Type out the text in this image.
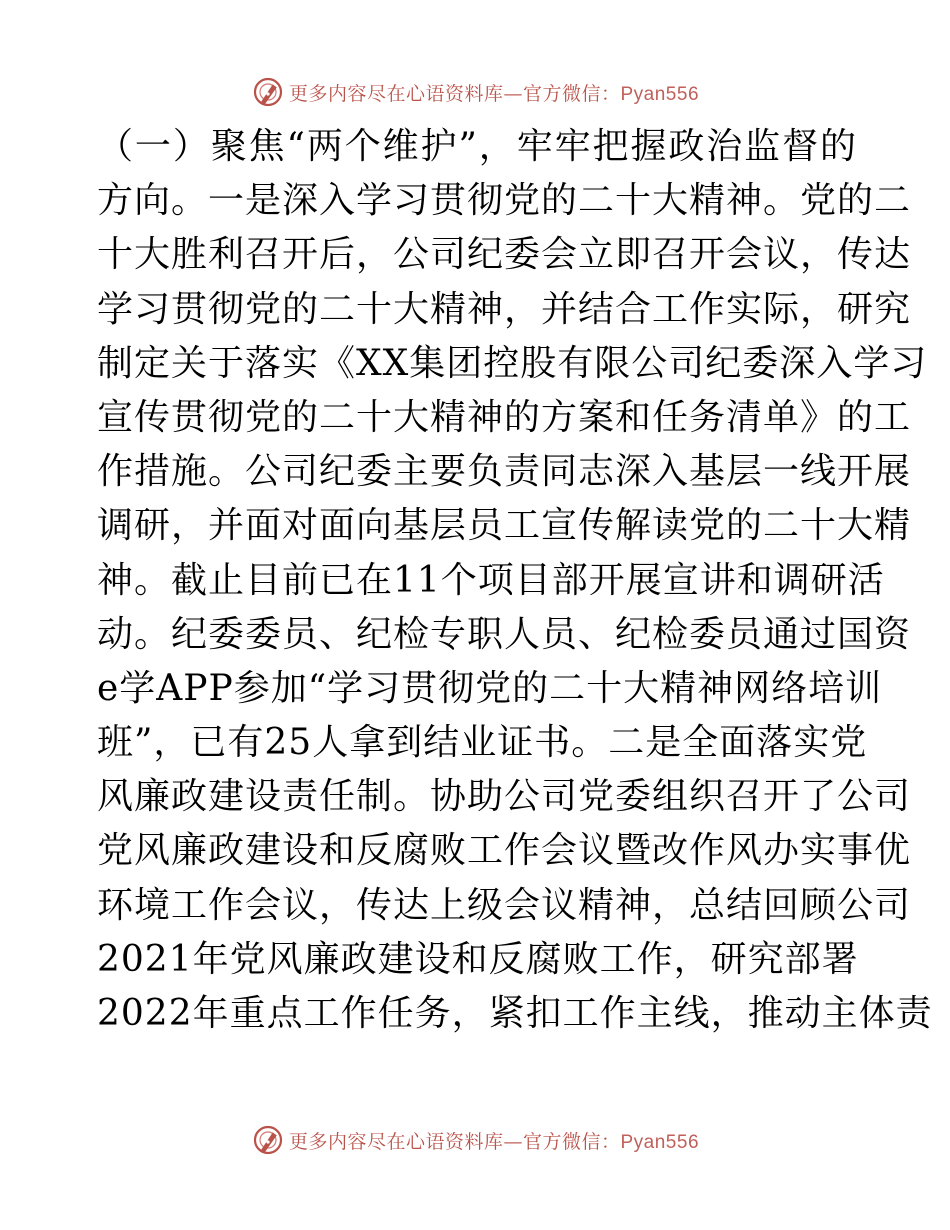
更多内容尽在心语资料库—官方微信：Pyan556
（一）聚焦“两个维护”，牢牢把握政治监督的
方向。一是深入学习贯彻党的二十大精神。党的二
十大胜利召开后，公司纪委会立即召开会议，传达
学习贯彻党的二十大精神，并结合工作实际，研究
制定关于落实《XX集团控股有限公司纪委深入学习
宣传贯彻党的二十大精神的方案和任务清单》的工
作措施。公司纪委主要负责同志深入基层一线开展
调研，并面对面向基层员工宣传解读党的二十大精
神。截止目前已在11个项目部开展宣讲和调研活
动。纪委委员、纪检专职人员、纪检委员通过国资
e学APP参加“学习贯彻党的二十大精神网络培训
班”，已有25人拿到结业证书。二是全面落实党
风廉政建设责任制。协助公司党委组织召开了公司
党风廉政建设和反腐败工作会议暨改作风办实事优
环境工作会议，传达上级会议精神，总结回顾公司
2021年党风廉政建设和反腐败工作，研究部署
2022年重点工作任务，紧扣工作主线，推动主体责
更多内容尽在心语资料库—官方微信：Pyan556
